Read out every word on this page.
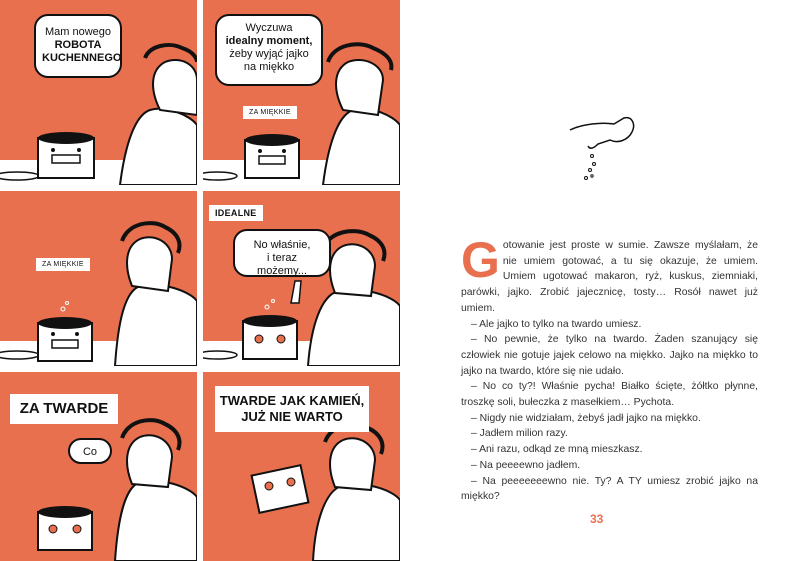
Mam nowego
ROBOTA
KUCHENNEGO
Wyczuwa
idealny moment,
żeby wyjąć jajko
na miękko
ZA MIĘKKIE
ZA MIĘKKIE
IDEALNE
No właśnie,
i teraz możemy...
ZA TWARDE
Co
TWARDE JAK KAMIEŃ,
JUŻ NIE WARTO

Gotowanie jest proste w sumie. Zawsze myślałam, że nie umiem gotować, a tu się okazuje, że umiem. Umiem ugotować makaron, ryż, kuskus, ziemniaki, parówki, jajko. Zrobić jajecznicę, tosty… Rosół nawet już umiem.

– Ale jajko to tylko na twardo umiesz.

– No pewnie, że tylko na twardo. Żaden szanujący się człowiek nie gotuje jajek celowo na miękko. Jajko na miękko to jajko na twardo, które się nie udało.

– No co ty?! Właśnie pycha! Białko ścięte, żółtko płynne, troszkę soli, bułeczka z masełkiem… Pychota.

– Nigdy nie widziałam, żebyś jadł jajko na miękko.

– Jadłem milion razy.

– Ani razu, odkąd ze mną mieszkasz.

– Na peeeewno jadłem.

– Na peeeeeeewno nie. Ty? A TY umiesz zrobić jajko na miękko?

33
